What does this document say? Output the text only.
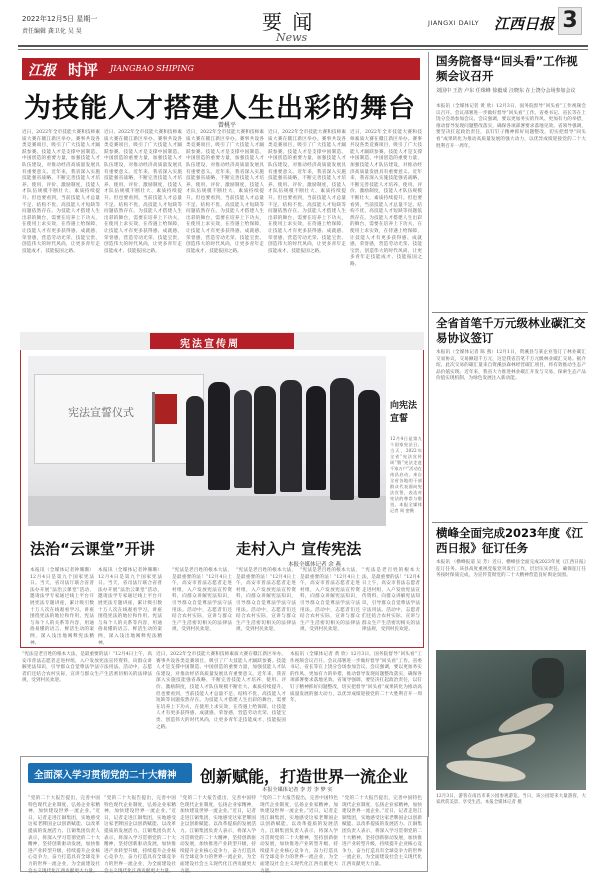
2022年12月5日 星期一
责任编辑 龚卫化 吴 昊	要 闻
News
JIANGXI DAILY 江西日报 3
江报 时评 JIANGBAO SHIPING
为技能人才搭建人生出彩的舞台
曾桃平
近日，2022年全市技能大赛和技师素质大赛在赣江新区举办。赛事共设各类竞赛项目，吸引了广大技能人才踊跃参赛。技能人才是支撑中国制造、中国创造的重要力量，加强技能人才队伍建设，对推动经济高质量发展具有重要意义。近年来，我省深入实施技能强省战略，不断完善技能人才培养、使用、评价、激励制度，技能人才队伍规模不断壮大、素质持续提升。但也要看到，当前技能人才总量不足、结构不优、高技能人才短缺等问题依然存在。为技能人才搭建人生出彩的舞台，需要在培养上下功夫，在使用上求实效，在待遇上给保障，让技能人才有更多获得感、成就感、荣誉感，营造劳动光荣、技能宝贵、创造伟大的时代风尚，让更多青年走技能成才、技能报国之路。
近日，2022年全市技能大赛和技师素质大赛在赣江新区举办。赛事共设各类竞赛项目，吸引了广大技能人才踊跃参赛。技能人才是支撑中国制造、中国创造的重要力量，加强技能人才队伍建设，对推动经济高质量发展具有重要意义。近年来，我省深入实施技能强省战略，不断完善技能人才培养、使用、评价、激励制度，技能人才队伍规模不断壮大、素质持续提升。但也要看到，当前技能人才总量不足、结构不优、高技能人才短缺等问题依然存在。为技能人才搭建人生出彩的舞台，需要在培养上下功夫，在使用上求实效，在待遇上给保障，让技能人才有更多获得感、成就感、荣誉感，营造劳动光荣、技能宝贵、创造伟大的时代风尚，让更多青年走技能成才、技能报国之路。
近日，2022年全市技能大赛和技师素质大赛在赣江新区举办。赛事共设各类竞赛项目，吸引了广大技能人才踊跃参赛。技能人才是支撑中国制造、中国创造的重要力量，加强技能人才队伍建设，对推动经济高质量发展具有重要意义。近年来，我省深入实施技能强省战略，不断完善技能人才培养、使用、评价、激励制度，技能人才队伍规模不断壮大、素质持续提升。但也要看到，当前技能人才总量不足、结构不优、高技能人才短缺等问题依然存在。为技能人才搭建人生出彩的舞台，需要在培养上下功夫，在使用上求实效，在待遇上给保障，让技能人才有更多获得感、成就感、荣誉感，营造劳动光荣、技能宝贵、创造伟大的时代风尚，让更多青年走技能成才、技能报国之路。
近日，2022年全市技能大赛和技师素质大赛在赣江新区举办。赛事共设各类竞赛项目，吸引了广大技能人才踊跃参赛。技能人才是支撑中国制造、中国创造的重要力量，加强技能人才队伍建设，对推动经济高质量发展具有重要意义。近年来，我省深入实施技能强省战略，不断完善技能人才培养、使用、评价、激励制度，技能人才队伍规模不断壮大、素质持续提升。但也要看到，当前技能人才总量不足、结构不优、高技能人才短缺等问题依然存在。为技能人才搭建人生出彩的舞台，需要在培养上下功夫，在使用上求实效，在待遇上给保障，让技能人才有更多获得感、成就感、荣誉感，营造劳动光荣、技能宝贵、创造伟大的时代风尚，让更多青年走技能成才、技能报国之路。
近日，2022年全市技能大赛和技师素质大赛在赣江新区举办。赛事共设各类竞赛项目，吸引了广大技能人才踊跃参赛。技能人才是支撑中国制造、中国创造的重要力量，加强技能人才队伍建设，对推动经济高质量发展具有重要意义。近年来，我省深入实施技能强省战略，不断完善技能人才培养、使用、评价、激励制度，技能人才队伍规模不断壮大、素质持续提升。但也要看到，当前技能人才总量不足、结构不优、高技能人才短缺等问题依然存在。为技能人才搭建人生出彩的舞台，需要在培养上下功夫，在使用上求实效，在待遇上给保障，让技能人才有更多获得感、成就感、荣誉感，营造劳动光荣、技能宝贵、创造伟大的时代风尚，让更多青年走技能成才、技能报国之路。
宪法宣传周
宪法宣誓仪式	向宪法宣誓
12月4日是第九个国家宪法日。当天，2022年全省“宪法宣传周”暨“宪法走进千家万户”活动在南昌启动，来自全省各地的干部群众代表面向宪法宣誓，表达对宪法的尊崇与敬畏。本报全媒体记者 周 密摄
法治“云课堂”开讲	走村入户 宣传宪法
本报全媒体记者 余 燕
本报讯（全媒体记者钟珊珊）12月4日是第九个国家宪法日。当天，省司法厅联合省普法办开展“法治云课堂”活动，邀请法学专家通过线上平台开展宪法专题讲座，累计吸引数十万人次在线观看学习。讲座围绕宪法的地位和作用、宪法与每个人的关系等内容，用通俗易懂的语言、鲜活生动的案例，深入浅出地阐释宪法精神。
本报讯（全媒体记者钟珊珊）12月4日是第九个国家宪法日。当天，省司法厅联合省普法办开展“法治云课堂”活动，邀请法学专家通过线上平台开展宪法专题讲座，累计吸引数十万人次在线观看学习。讲座围绕宪法的地位和作用、宪法与每个人的关系等内容，用通俗易懂的语言、鲜活生动的案例，深入浅出地阐释宪法精神。
“宪法是老百姓的根本大法，是最重要的法！”12月4日上午，高安市普法志愿者走进村组，入户发放宪法宣传资料，向群众讲解宪法知识，引导群众自觉尊法学法守法用法。活动中，志愿者们还结合农村实际，宣讲与群众生产生活密切相关的法律法规，受到村民欢迎。
“宪法是老百姓的根本大法，是最重要的法！”12月4日上午，高安市普法志愿者走进村组，入户发放宪法宣传资料，向群众讲解宪法知识，引导群众自觉尊法学法守法用法。活动中，志愿者们还结合农村实际，宣讲与群众生产生活密切相关的法律法规，受到村民欢迎。
“宪法是老百姓的根本大法，是最重要的法！”12月4日上午，高安市普法志愿者走进村组，入户发放宪法宣传资料，向群众讲解宪法知识，引导群众自觉尊法学法守法用法。活动中，志愿者们还结合农村实际，宣讲与群众生产生活密切相关的法律法规，受到村民欢迎。
“宪法是老百姓的根本大法，是最重要的法！”12月4日上午，高安市普法志愿者走进村组，入户发放宪法宣传资料，向群众讲解宪法知识，引导群众自觉尊法学法守法用法。活动中，志愿者们还结合农村实际，宣讲与群众生产生活密切相关的法律法规，受到村民欢迎。
“宪法是老百姓的根本大法，是最重要的法！”12月4日上午，高安市普法志愿者走进村组，入户发放宪法宣传资料，向群众讲解宪法知识，引导群众自觉尊法学法守法用法。活动中，志愿者们还结合农村实际，宣讲与群众生产生活密切相关的法律法规，受到村民欢迎。
近日，2022年全市技能大赛和技师素质大赛在赣江新区举办。赛事共设各类竞赛项目，吸引了广大技能人才踊跃参赛。技能人才是支撑中国制造、中国创造的重要力量，加强技能人才队伍建设，对推动经济高质量发展具有重要意义。近年来，我省深入实施技能强省战略，不断完善技能人才培养、使用、评价、激励制度，技能人才队伍规模不断壮大、素质持续提升。但也要看到，当前技能人才总量不足、结构不优、高技能人才短缺等问题依然存在。为技能人才搭建人生出彩的舞台，需要在培养上下功夫，在使用上求实效，在待遇上给保障，让技能人才有更多获得感、成就感、荣誉感，营造劳动光荣、技能宝贵、创造伟大的时代风尚，让更多青年走技能成才、技能报国之路。
本报讯（全媒体记者 黄 欣）12月3日，国务院督导“回头看”工作视频会议召开。会议部署进一步做好督导“回头看”工作。省委书记、省长等在上饶分会场参加会议。会议强调，要以更加务实的作风、更加有力的举措，推动督导发现问题整改落实，确保各项部署要求落地见效。省领导强调，要坚决扛起政治责任，以钉钉子精神抓好问题整改，切实把督导“回头看”成果转化为推动高质量发展的强大动力，以优异成绩迎接党的二十大胜利召开一周年。
国务院督导“回头看”工作视频会议召开
刘国中 王浩 卢东 任珠峰 徐毅成 汪晓东 在上饶分会场参加会议
本报讯（全媒体记者 黄 欣）12月3日，国务院督导“回头看”工作视频会议召开。会议部署进一步做好督导“回头看”工作。省委书记、省长等在上饶分会场参加会议。会议强调，要以更加务实的作风、更加有力的举措，推动督导发现问题整改落实，确保各项部署要求落地见效。省领导强调，要坚决扛起政治责任，以钉钉子精神抓好问题整改，切实把督导“回头看”成果转化为推动高质量发展的强大动力，以优异成绩迎接党的二十大胜利召开一周年。
全省首笔千万元级林业碳汇交易协议签订
本报讯（全媒体记者 陈 燕）12月1日，资溪县与某企业签订了林业碳汇交易协议，交易额超千万元，这是我省首笔千万元级林业碳汇交易。据介绍，此次交易的碳汇量来自资溪县森林经营碳汇项目，将有效推动生态产品价值实现。近年来，我省大力推进林业碳汇开发与交易，探索生态产品价值实现机制，为绿色发展注入新动能。
横峰全面完成2023年度《江西日报》征订任务
本报讯 （横峰报道 吴 芳）近日，横峰县全面完成2023年度《江西日报》征订任务。该县高度重视党报党刊发行工作，层层压实责任，确保征订任务按时保质完成，为宣传贯彻党的二十大精神营造良好舆论氛围。
12月3日，游客在南昌市某公园参观游览。当日，该公园迎来大量游客，大家欣赏美景、享受生活。本报全媒体记者 摄
全面深入学习贯彻党的二十大精神 创新赋能，打造世界一流企业
本报全媒体记者 李 芳 李 梦 实
“党的二十大报告提出，完善中国特色现代企业制度，弘扬企业家精神，加快建设世界一流企业。”近日，记者走进江铜集团，实地感受这家老牌国企以创新赋能、以改革提质的发展活力。江铜集团负责人表示，将深入学习贯彻党的二十大精神，坚持创新驱动发展，加快推进产业转型升级，持续提升企业核心竞争力，奋力打造具有全球竞争力的世界一流企业，为全面建设社会主义现代化江西贡献更大力量。
“党的二十大报告提出，完善中国特色现代企业制度，弘扬企业家精神，加快建设世界一流企业。”近日，记者走进江铜集团，实地感受这家老牌国企以创新赋能、以改革提质的发展活力。江铜集团负责人表示，将深入学习贯彻党的二十大精神，坚持创新驱动发展，加快推进产业转型升级，持续提升企业核心竞争力，奋力打造具有全球竞争力的世界一流企业，为全面建设社会主义现代化江西贡献更大力量。
“党的二十大报告提出，完善中国特色现代企业制度，弘扬企业家精神，加快建设世界一流企业。”近日，记者走进江铜集团，实地感受这家老牌国企以创新赋能、以改革提质的发展活力。江铜集团负责人表示，将深入学习贯彻党的二十大精神，坚持创新驱动发展，加快推进产业转型升级，持续提升企业核心竞争力，奋力打造具有全球竞争力的世界一流企业，为全面建设社会主义现代化江西贡献更大力量。
“党的二十大报告提出，完善中国特色现代企业制度，弘扬企业家精神，加快建设世界一流企业。”近日，记者走进江铜集团，实地感受这家老牌国企以创新赋能、以改革提质的发展活力。江铜集团负责人表示，将深入学习贯彻党的二十大精神，坚持创新驱动发展，加快推进产业转型升级，持续提升企业核心竞争力，奋力打造具有全球竞争力的世界一流企业，为全面建设社会主义现代化江西贡献更大力量。
“党的二十大报告提出，完善中国特色现代企业制度，弘扬企业家精神，加快建设世界一流企业。”近日，记者走进江铜集团，实地感受这家老牌国企以创新赋能、以改革提质的发展活力。江铜集团负责人表示，将深入学习贯彻党的二十大精神，坚持创新驱动发展，加快推进产业转型升级，持续提升企业核心竞争力，奋力打造具有全球竞争力的世界一流企业，为全面建设社会主义现代化江西贡献更大力量。
